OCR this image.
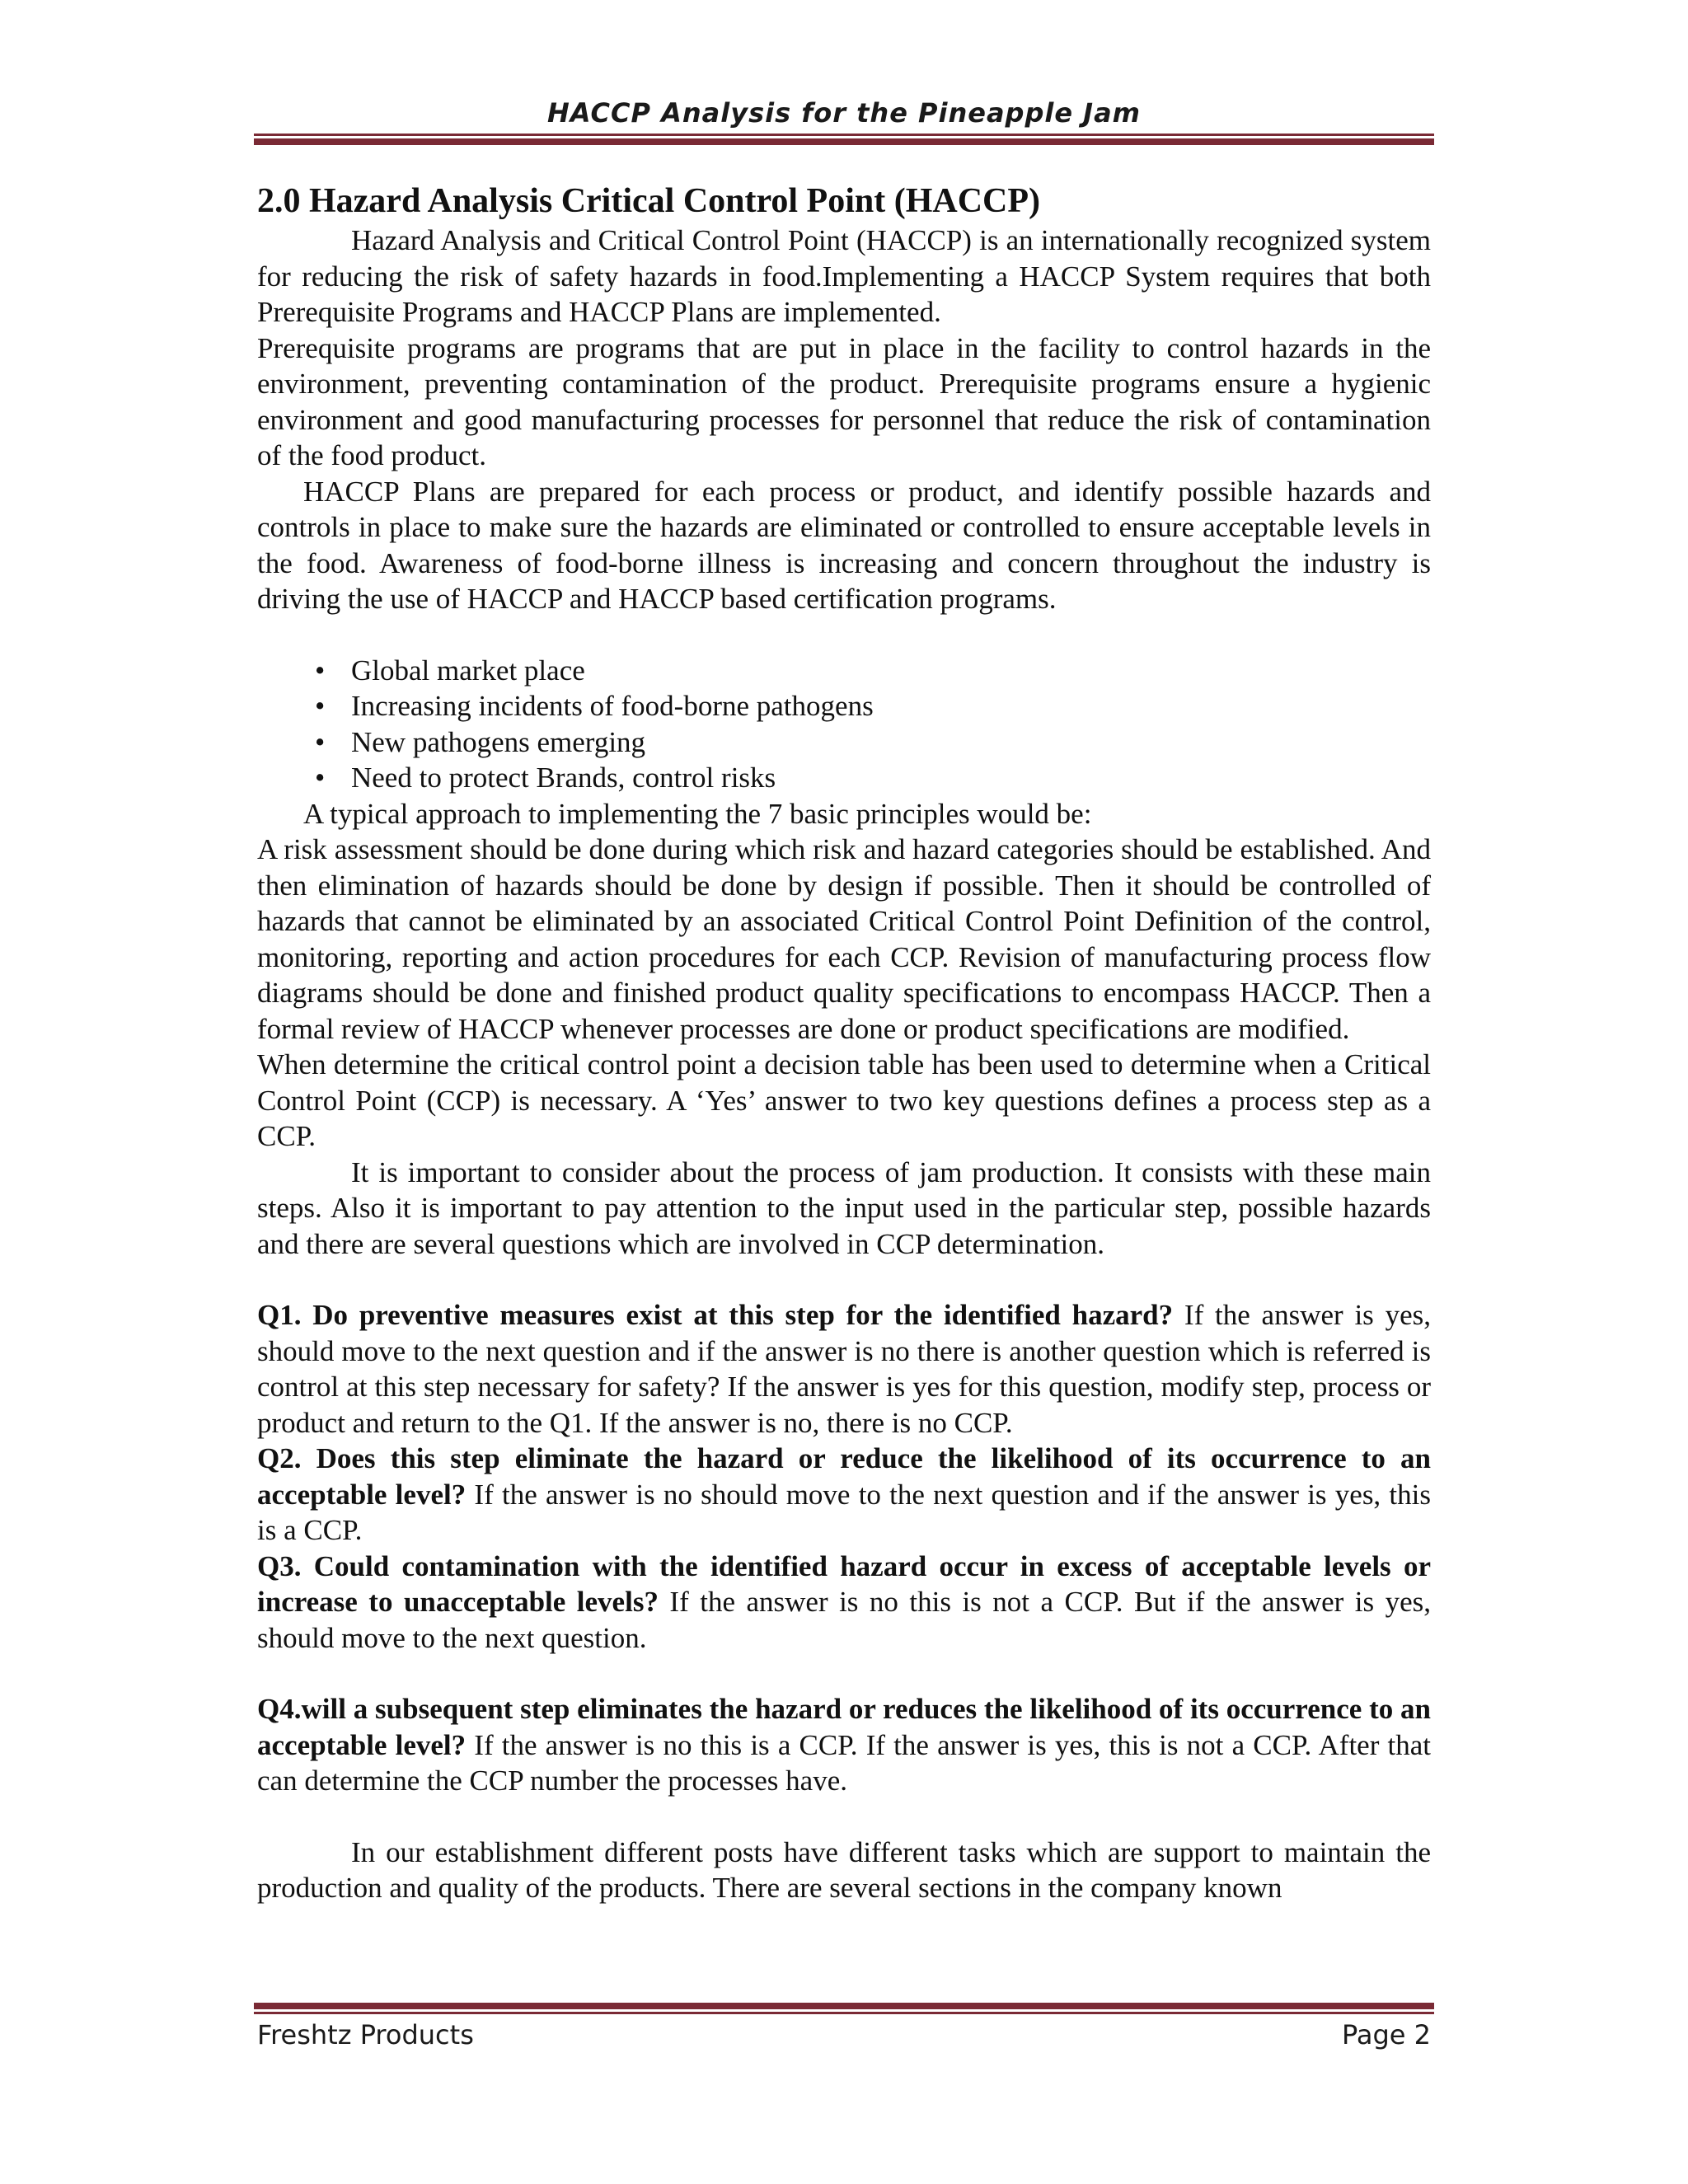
HACCP Analysis for the Pineapple Jam

2.0 Hazard Analysis Critical Control Point (HACCP)

Hazard Analysis and Critical Control Point (HACCP) is an internationally recognized system for reducing the risk of safety hazards in food.Implementing a HACCP System requires that both Prerequisite Programs and HACCP Plans are implemented.

Prerequisite programs are programs that are put in place in the facility to control hazards in the environment, preventing contamination of the product. Prerequisite programs ensure a hygienic environment and good manufacturing processes for personnel that reduce the risk of contamination of the food product.

HACCP Plans are prepared for each process or product, and identify possible hazards and controls in place to make sure the hazards are eliminated or controlled to ensure acceptable levels in the food. Awareness of food-borne illness is increasing and concern throughout the industry is driving the use of HACCP and HACCP based certification programs.

• Global market place
• Increasing incidents of food-borne pathogens
• New pathogens emerging
• Need to protect Brands, control risks

A typical approach to implementing the 7 basic principles would be:

A risk assessment should be done during which risk and hazard categories should be established. And then elimination of hazards should be done by design if possible. Then it should be controlled of hazards that cannot be eliminated by an associated Critical Control Point Definition of the control, monitoring, reporting and action procedures for each CCP. Revision of manufacturing process flow diagrams should be done and finished product quality specifications to encompass HACCP. Then a formal review of HACCP whenever processes are done or product specifications are modified.

When determine the critical control point a decision table has been used to determine when a Critical Control Point (CCP) is necessary. A ‘Yes’ answer to two key questions defines a process step as a CCP.

It is important to consider about the process of jam production. It consists with these main steps. Also it is important to pay attention to the input used in the particular step, possible hazards and there are several questions which are involved in CCP determination.

Q1. Do preventive measures exist at this step for the identified hazard? If the answer is yes, should move to the next question and if the answer is no there is another question which is referred is control at this step necessary for safety? If the answer is yes for this question, modify step, process or product and return to the Q1. If the answer is no, there is no CCP.

Q2. Does this step eliminate the hazard or reduce the likelihood of its occurrence to an acceptable level? If the answer is no should move to the next question and if the answer is yes, this is a CCP.

Q3. Could contamination with the identified hazard occur in excess of acceptable levels or increase to unacceptable levels? If the answer is no this is not a CCP. But if the answer is yes, should move to the next question.

Q4.will a subsequent step eliminates the hazard or reduces the likelihood of its occurrence to an acceptable level? If the answer is no this is a CCP. If the answer is yes, this is not a CCP. After that can determine the CCP number the processes have.

In our establishment different posts have different tasks which are support to maintain the production and quality of the products. There are several sections in the company known

Freshtz Products	Page 2
